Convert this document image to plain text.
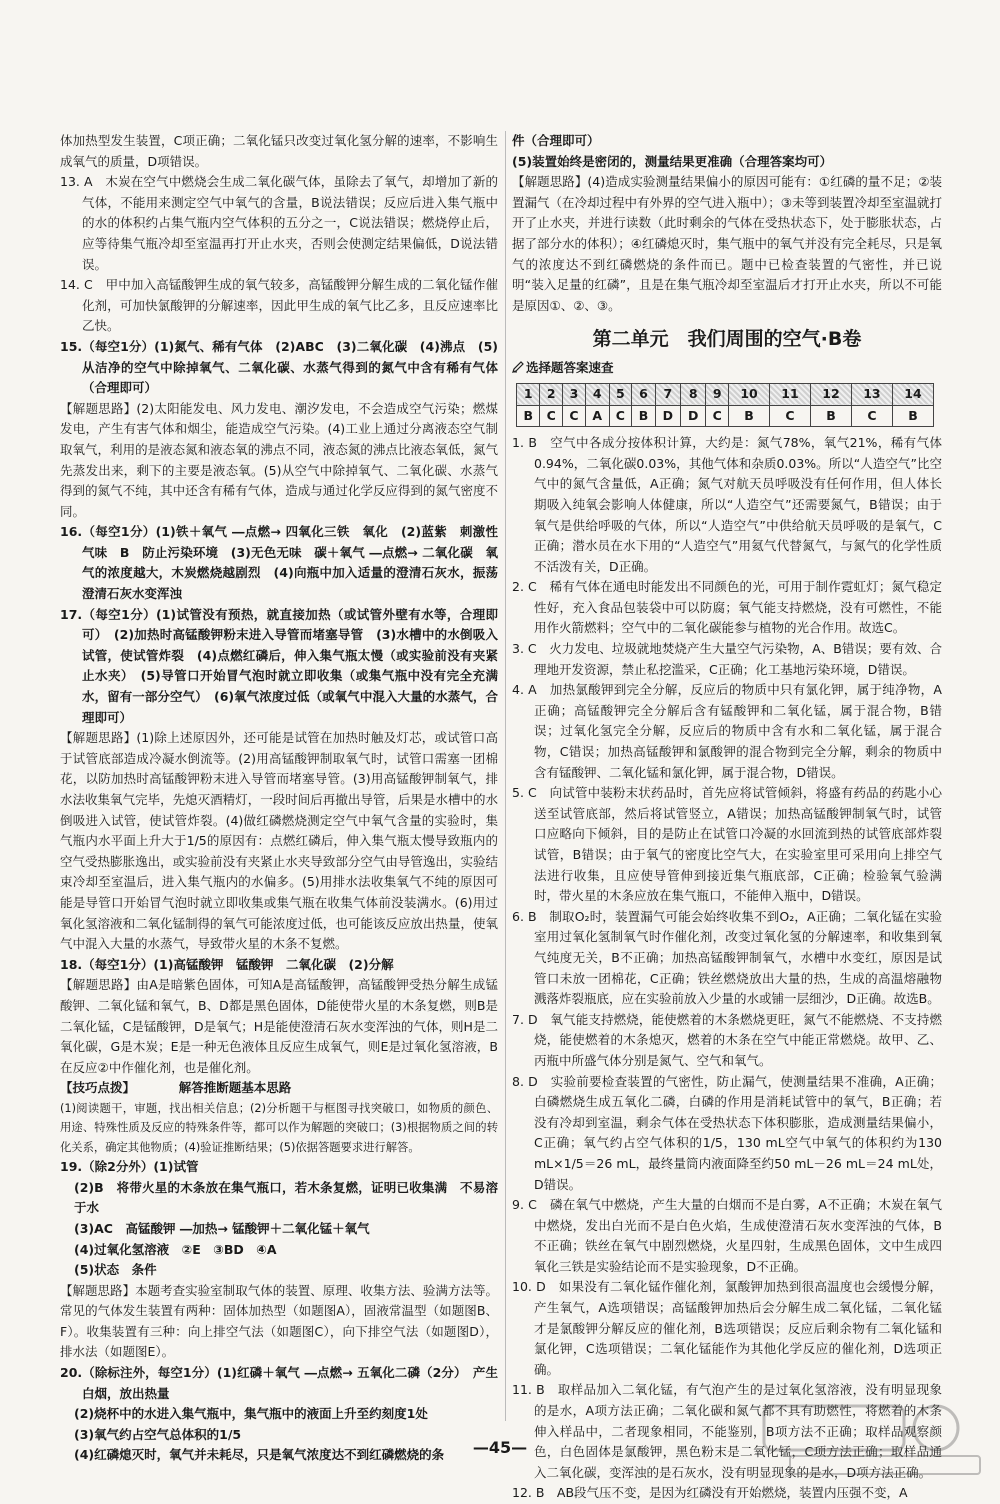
体加热型发生装置，C项正确；二氧化锰只改变过氧化氢分解的速率，不影响生成氧气的质量，D项错误。
13. A　木炭在空气中燃烧会生成二氧化碳气体，虽除去了氧气，却增加了新的气体，不能用来测定空气中氧气的含量，B说法错误；反应后进入集气瓶中的水的体积约占集气瓶内空气体积的五分之一，C说法错误；燃烧停止后，应等待集气瓶冷却至室温再打开止水夹，否则会使测定结果偏低，D说法错误。
14. C　甲中加入高锰酸钾生成的氧气较多，高锰酸钾分解生成的二氧化锰作催化剂，可加快氯酸钾的分解速率，因此甲生成的氧气比乙多，且反应速率比乙快。
15.（每空1分）(1)氮气、稀有气体　(2)ABC　(3)二氧化碳　(4)沸点　(5)从洁净的空气中除掉氧气、二氧化碳、水蒸气得到的氮气中含有稀有气体（合理即可）
【解题思路】(2)太阳能发电、风力发电、潮汐发电，不会造成空气污染；燃煤发电，产生有害气体和烟尘，能造成空气污染。(4)工业上通过分离液态空气制取氧气，利用的是液态氮和液态氧的沸点不同，液态氮的沸点比液态氧低，氮气先蒸发出来，剩下的主要是液态氧。(5)从空气中除掉氧气、二氧化碳、水蒸气得到的氮气不纯，其中还含有稀有气体，造成与通过化学反应得到的氮气密度不同。
16.（每空1分）(1)铁＋氧气 ―点燃→ 四氧化三铁　氧化　(2)蓝紫　刺激性气味　B　防止污染环境　(3)无色无味　碳＋氧气 ―点燃→ 二氧化碳　氧气的浓度越大，木炭燃烧越剧烈　(4)向瓶中加入适量的澄清石灰水，振荡　澄清石灰水变浑浊
17.（每空1分）(1)试管没有预热，就直接加热（或试管外壁有水等，合理即可）　(2)加热时高锰酸钾粉末进入导管而堵塞导管　(3)水槽中的水倒吸入试管，使试管炸裂　(4)点燃红磷后，伸入集气瓶太慢（或实验前没有夹紧止水夹）　(5)导管口开始冒气泡时就立即收集（或集气瓶中没有完全充满水，留有一部分空气）　(6)氧气浓度过低（或氧气中混入大量的水蒸气，合理即可）
【解题思路】(1)除上述原因外，还可能是试管在加热时触及灯芯，或试管口高于试管底部造成冷凝水倒流等。(2)用高锰酸钾制取氧气时，试管口需塞一团棉花，以防加热时高锰酸钾粉末进入导管而堵塞导管。(3)用高锰酸钾制氧气，排水法收集氧气完毕，先熄灭酒精灯，一段时间后再撤出导管，后果是水槽中的水倒吸进入试管，使试管炸裂。(4)做红磷燃烧测定空气中氧气含量的实验时，集气瓶内水平面上升大于1/5的原因有：点燃红磷后，伸入集气瓶太慢导致瓶内的空气受热膨胀逸出，或实验前没有夹紧止水夹导致部分空气由导管逸出，实验结束冷却至室温后，进入集气瓶内的水偏多。(5)用排水法收集氧气不纯的原因可能是导管口开始冒气泡时就立即收集或集气瓶在收集气体前没装满水。(6)用过氧化氢溶液和二氧化锰制得的氧气可能浓度过低，也可能该反应放出热量，使氧气中混入大量的水蒸气，导致带火星的木条不复燃。
18.（每空1分）(1)高锰酸钾　锰酸钾　二氧化碳　(2)分解
【解题思路】由A是暗紫色固体，可知A是高锰酸钾，高锰酸钾受热分解生成锰酸钾、二氧化锰和氧气，B、D都是黑色固体，D能使带火星的木条复燃，则B是二氧化锰，C是锰酸钾，D是氧气；H是能使澄清石灰水变浑浊的气体，则H是二氧化碳，G是木炭；E是一种无色液体且反应生成氧气，则E是过氧化氢溶液，B在反应②中作催化剂，也是催化剂。
【技巧点拨】　　　　解答推断题基本思路
(1)阅读题干，审题，找出相关信息；(2)分析题干与框图寻找突破口，如物质的颜色、用途、特殊性质及反应的特殊条件等，都可以作为解题的突破口；(3)根据物质之间的转化关系，确定其他物质；(4)验证推断结果；(5)依据答题要求进行解答。
19.（除2分外）(1)试管
(2)B　将带火星的木条放在集气瓶口，若木条复燃，证明已收集满　不易溶于水
(3)AC　高锰酸钾 ―加热→ 锰酸钾＋二氧化锰＋氧气
(4)过氧化氢溶液　②E　③BD　④A
(5)状态　条件
【解题思路】本题考查实验室制取气体的装置、原理、收集方法、验满方法等。常见的气体发生装置有两种：固体加热型（如题图A），固液常温型（如题图B、F）。收集装置有三种：向上排空气法（如题图C），向下排空气法（如题图D），排水法（如题图E）。
20.（除标注外，每空1分）(1)红磷＋氧气 ―点燃→ 五氧化二磷（2分）　产生白烟，放出热量
(2)烧杯中的水进入集气瓶中，集气瓶中的液面上升至约刻度1处
(3)氧气约占空气总体积的1/5
(4)红磷熄灭时，氧气并未耗尽，只是氧气浓度达不到红磷燃烧的条
件（合理即可）
(5)装置始终是密闭的，测量结果更准确（合理答案均可）
【解题思路】(4)造成实验测量结果偏小的原因可能有：①红磷的量不足；②装置漏气（在冷却过程中有外界的空气进入瓶中）；③未等到装置冷却至室温就打开了止水夹，并进行读数（此时剩余的气体在受热状态下，处于膨胀状态，占据了部分水的体积）；④红磷熄灭时，集气瓶中的氧气并没有完全耗尽，只是氧气的浓度达不到红磷燃烧的条件而已。题中已检查装置的气密性，并已说明“装入足量的红磷”，且是在集气瓶冷却至室温后才打开止水夹，所以不可能是原因①、②、③。
第二单元　我们周围的空气·B卷
选择题答案速查
1	2	3	4	5	6	7	8	9	10	11	12	13	14
B	C	C	A	C	B	D	D	C	B	C	B	C	B
1. B　空气中各成分按体积计算，大约是：氮气78%，氧气21%，稀有气体0.94%，二氧化碳0.03%，其他气体和杂质0.03%。所以“人造空气”比空气中的氮气含量低，A正确；氮气对航天员呼吸没有任何作用，但人体长期吸入纯氧会影响人体健康，所以“人造空气”还需要氮气，B错误；由于氧气是供给呼吸的气体，所以“人造空气”中供给航天员呼吸的是氧气，C正确；潜水员在水下用的“人造空气”用氦气代替氮气，与氮气的化学性质不活泼有关，D正确。
2. C　稀有气体在通电时能发出不同颜色的光，可用于制作霓虹灯；氮气稳定性好，充入食品包装袋中可以防腐；氧气能支持燃烧，没有可燃性，不能用作火箭燃料；空气中的二氧化碳能参与植物的光合作用。故选C。
3. C　火力发电、垃圾就地焚烧产生大量空气污染物，A、B错误；要有效、合理地开发资源，禁止私挖滥采，C正确；化工基地污染环境，D错误。
4. A　加热氯酸钾到完全分解，反应后的物质中只有氯化钾，属于纯净物，A正确；高锰酸钾完全分解后含有锰酸钾和二氧化锰，属于混合物，B错误；过氧化氢完全分解，反应后的物质中含有水和二氧化锰，属于混合物，C错误；加热高锰酸钾和氯酸钾的混合物到完全分解，剩余的物质中含有锰酸钾、二氧化锰和氯化钾，属于混合物，D错误。
5. C　向试管中装粉末状药品时，首先应将试管倾斜，将盛有药品的药匙小心送至试管底部，然后将试管竖立，A错误；加热高锰酸钾制氧气时，试管口应略向下倾斜，目的是防止在试管口冷凝的水回流到热的试管底部炸裂试管，B错误；由于氧气的密度比空气大，在实验室里可采用向上排空气法进行收集，且应使导管伸到接近集气瓶底部，C正确；检验氧气验满时，带火星的木条应放在集气瓶口，不能伸入瓶中，D错误。
6. B　制取O₂时，装置漏气可能会始终收集不到O₂，A正确；二氧化锰在实验室用过氧化氢制氧气时作催化剂，改变过氧化氢的分解速率，和收集到氧气纯度无关，B不正确；加热高锰酸钾制氧气，水槽中水变红，原因是试管口未放一团棉花，C正确；铁丝燃烧放出大量的热，生成的高温熔融物溅落炸裂瓶底，应在实验前放入少量的水或铺一层细沙，D正确。故选B。
7. D　氧气能支持燃烧，能使燃着的木条燃烧更旺，氮气不能燃烧、不支持燃烧，能使燃着的木条熄灭，燃着的木条在空气中能正常燃烧。故甲、乙、丙瓶中所盛气体分别是氮气、空气和氧气。
8. D　实验前要检查装置的气密性，防止漏气，使测量结果不准确，A正确；白磷燃烧生成五氧化二磷，白磷的作用是消耗试管中的氧气，B正确；若没有冷却到室温，剩余气体在受热状态下体积膨胀，造成测量结果偏小，C正确；氧气约占空气体积的1/5，130 mL空气中氧气的体积约为130 mL×1/5＝26 mL，最终量筒内液面降至约50 mL－26 mL＝24 mL处，D错误。
9. C　磷在氧气中燃烧，产生大量的白烟而不是白雾，A不正确；木炭在氧气中燃烧，发出白光而不是白色火焰，生成使澄清石灰水变浑浊的气体，B不正确；铁丝在氧气中剧烈燃烧，火星四射，生成黑色固体，文中生成四氧化三铁是实验结论而不是实验现象，D不正确。
10. D　如果没有二氧化锰作催化剂，氯酸钾加热到很高温度也会缓慢分解，产生氧气，A选项错误；高锰酸钾加热后会分解生成二氧化锰，二氧化锰才是氯酸钾分解反应的催化剂，B选项错误；反应后剩余物有二氧化锰和氯化钾，C选项错误；二氧化锰能作为其他化学反应的催化剂，D选项正确。
11. B　取样品加入二氧化锰，有气泡产生的是过氧化氢溶液，没有明显现象的是水，A项方法正确；二氧化碳和氮气都不具有助燃性，将燃着的木条伸入样品中，二者现象相同，不能鉴别，B项方法不正确；取样品观察颜色，白色固体是氯酸钾，黑色粉末是二氧化锰，C项方法正确；取样品通入二氧化碳，变浑浊的是石灰水，没有明显现象的是水，D项方法正确。
12. B　AB段气压不变，是因为红磷没有开始燃烧，装置内压强不变，A
—45—
